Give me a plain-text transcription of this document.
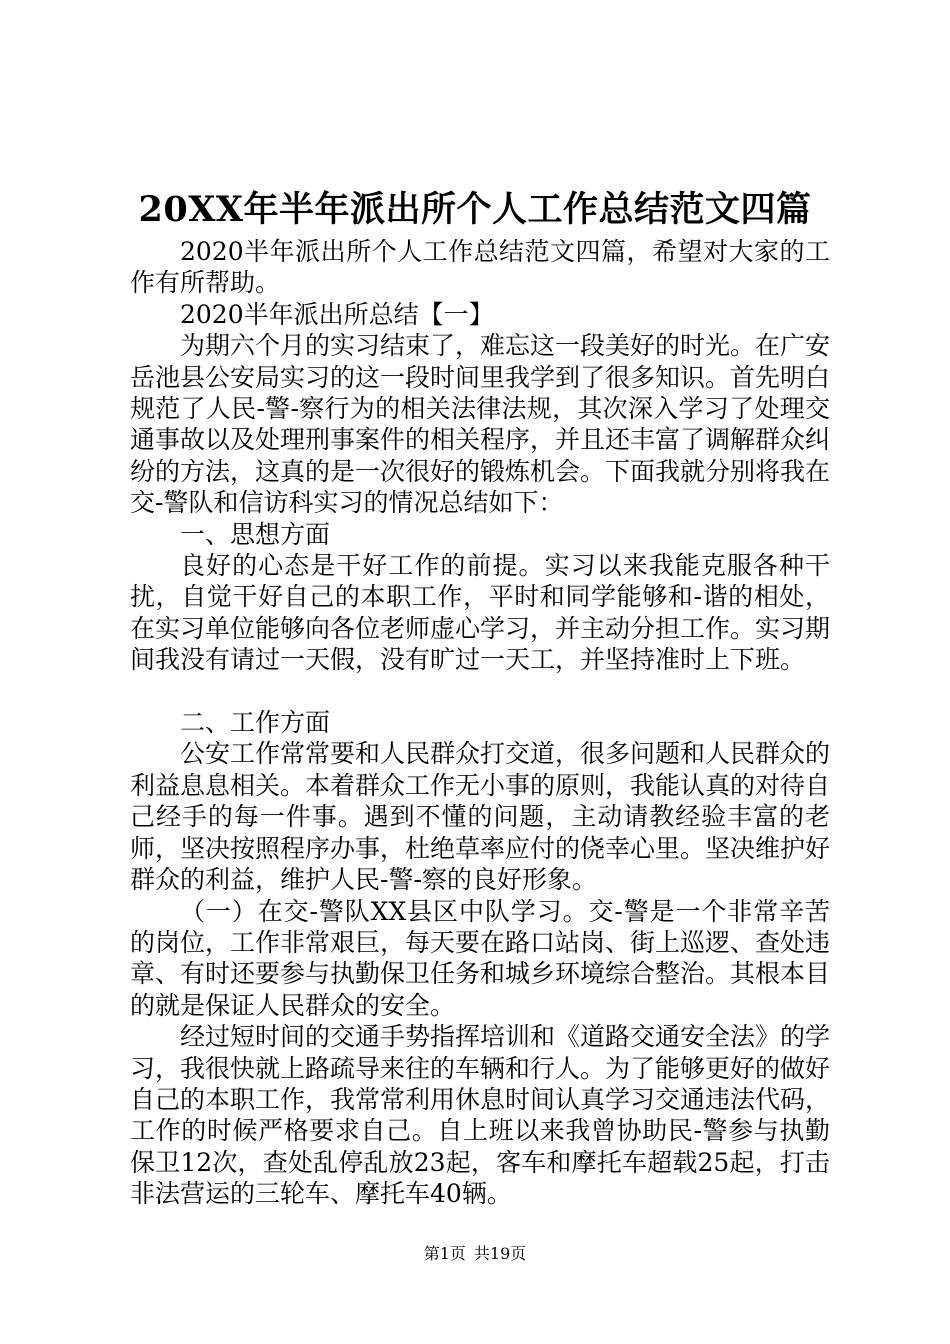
20XX年半年派出所个人工作总结范文四篇

2020半年派出所个人工作总结范文四篇，希望对大家的工作有所帮助。

2020半年派出所总结【一】

为期六个月的实习结束了，难忘这一段美好的时光。在广安岳池县公安局实习的这一段时间里我学到了很多知识。首先明白规范了人民-警-察行为的相关法律法规，其次深入学习了处理交通事故以及处理刑事案件的相关程序，并且还丰富了调解群众纠纷的方法，这真的是一次很好的锻炼机会。下面我就分别将我在交-警队和信访科实习的情况总结如下：

一、思想方面

良好的心态是干好工作的前提。实习以来我能克服各种干扰，自觉干好自己的本职工作，平时和同学能够和-谐的相处，在实习单位能够向各位老师虚心学习，并主动分担工作。实习期间我没有请过一天假，没有旷过一天工，并坚持准时上下班。

二、工作方面

公安工作常常要和人民群众打交道，很多问题和人民群众的利益息息相关。本着群众工作无小事的原则，我能认真的对待自己经手的每一件事。遇到不懂的问题，主动请教经验丰富的老师，坚决按照程序办事，杜绝草率应付的侥幸心里。坚决维护好群众的利益，维护人民-警-察的良好形象。

（一）在交-警队XX县区中队学习。交-警是一个非常辛苦的岗位，工作非常艰巨，每天要在路口站岗、街上巡逻、查处违章、有时还要参与执勤保卫任务和城乡环境综合整治。其根本目的就是保证人民群众的安全。

经过短时间的交通手势指挥培训和《道路交通安全法》的学习，我很快就上路疏导来往的车辆和行人。为了能够更好的做好自己的本职工作，我常常利用休息时间认真学习交通违法代码，工作的时候严格要求自己。自上班以来我曾协助民-警参与执勤保卫12次，查处乱停乱放23起，客车和摩托车超载25起，打击非法营运的三轮车、摩托车40辆。

第1页 共19页
